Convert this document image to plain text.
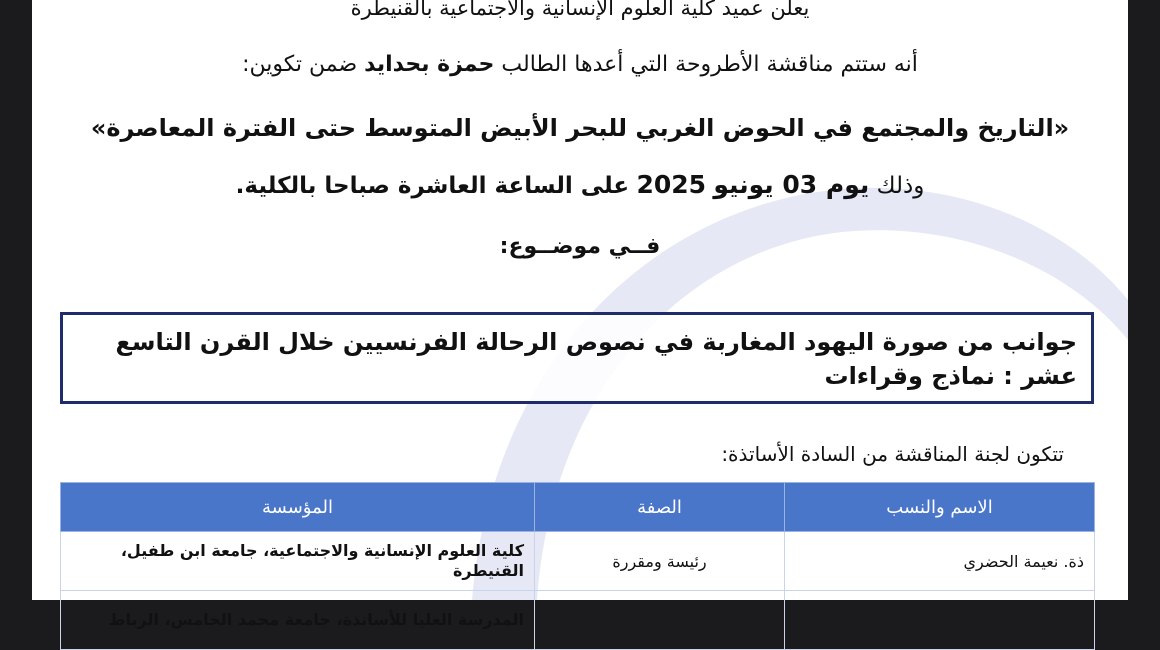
يعلن عميد كلية العلوم الإنسانية والاجتماعية بالقنيطرة
أنه ستتم مناقشة الأطروحة التي أعدها الطالب حمزة بحدايد ضمن تكوين:
«التاريخ والمجتمع في الحوض الغربي للبحر الأبيض المتوسط حتى الفترة المعاصرة»
وذلك يوم 03 يونيو 2025 على الساعة العاشرة صباحا بالكلية.
فــي موضــوع:
جوانب من صورة اليهود المغاربة في نصوص الرحالة الفرنسيين خلال القرن التاسع عشر : نماذج وقراءات
تتكون لجنة المناقشة من السادة الأساتذة:
الاسم والنسب	الصفة	المؤسسة
ذة. نعيمة الحضري	رئيسة ومقررة	كلية العلوم الإنسانية والاجتماعية، جامعة ابن طفيل، القنيطرة
		المدرسة العليا للأساتذة، جامعة محمد الخامس، الرباط
